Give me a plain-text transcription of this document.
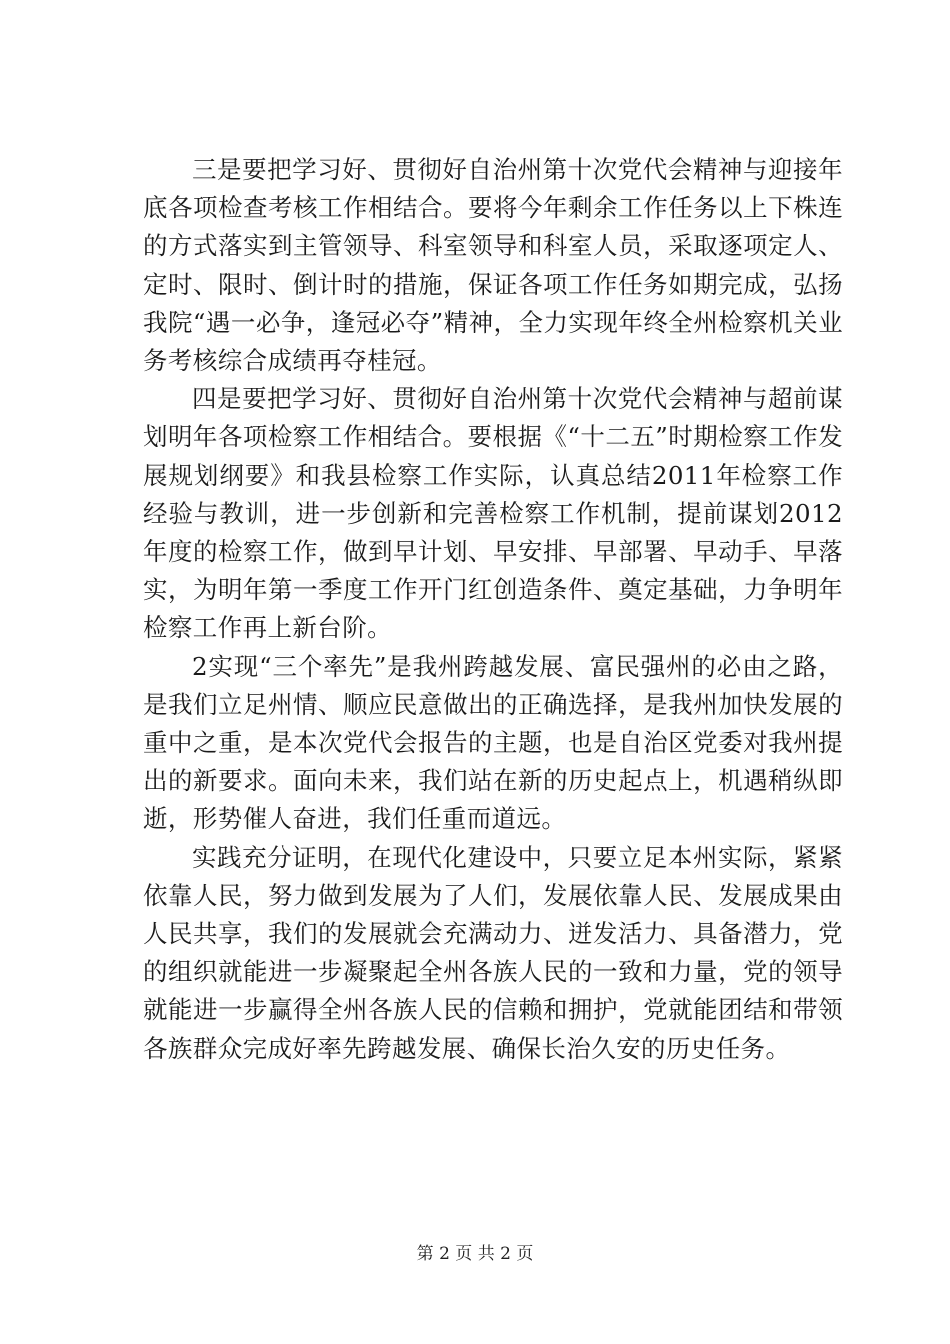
三是要把学习好、贯彻好自治州第十次党代会精神与迎接年底各项检查考核工作相结合。要将今年剩余工作任务以上下株连的方式落实到主管领导、科室领导和科室人员，采取逐项定人、定时、限时、倒计时的措施，保证各项工作任务如期完成，弘扬我院“遇一必争，逢冠必夺”精神，全力实现年终全州检察机关业务考核综合成绩再夺桂冠。

四是要把学习好、贯彻好自治州第十次党代会精神与超前谋划明年各项检察工作相结合。要根据《“十二五”时期检察工作发展规划纲要》和我县检察工作实际，认真总结2011年检察工作经验与教训，进一步创新和完善检察工作机制，提前谋划2012年度的检察工作，做到早计划、早安排、早部署、早动手、早落实，为明年第一季度工作开门红创造条件、奠定基础，力争明年检察工作再上新台阶。

2实现“三个率先”是我州跨越发展、富民强州的必由之路，是我们立足州情、顺应民意做出的正确选择，是我州加快发展的重中之重，是本次党代会报告的主题，也是自治区党委对我州提出的新要求。面向未来，我们站在新的历史起点上，机遇稍纵即逝，形势催人奋进，我们任重而道远。

实践充分证明，在现代化建设中，只要立足本州实际，紧紧依靠人民，努力做到发展为了人们，发展依靠人民、发展成果由人民共享，我们的发展就会充满动力、迸发活力、具备潜力，党的组织就能进一步凝聚起全州各族人民的一致和力量，党的领导就能进一步赢得全州各族人民的信赖和拥护，党就能团结和带领各族群众完成好率先跨越发展、确保长治久安的历史任务。

第 2 页 共 2 页
